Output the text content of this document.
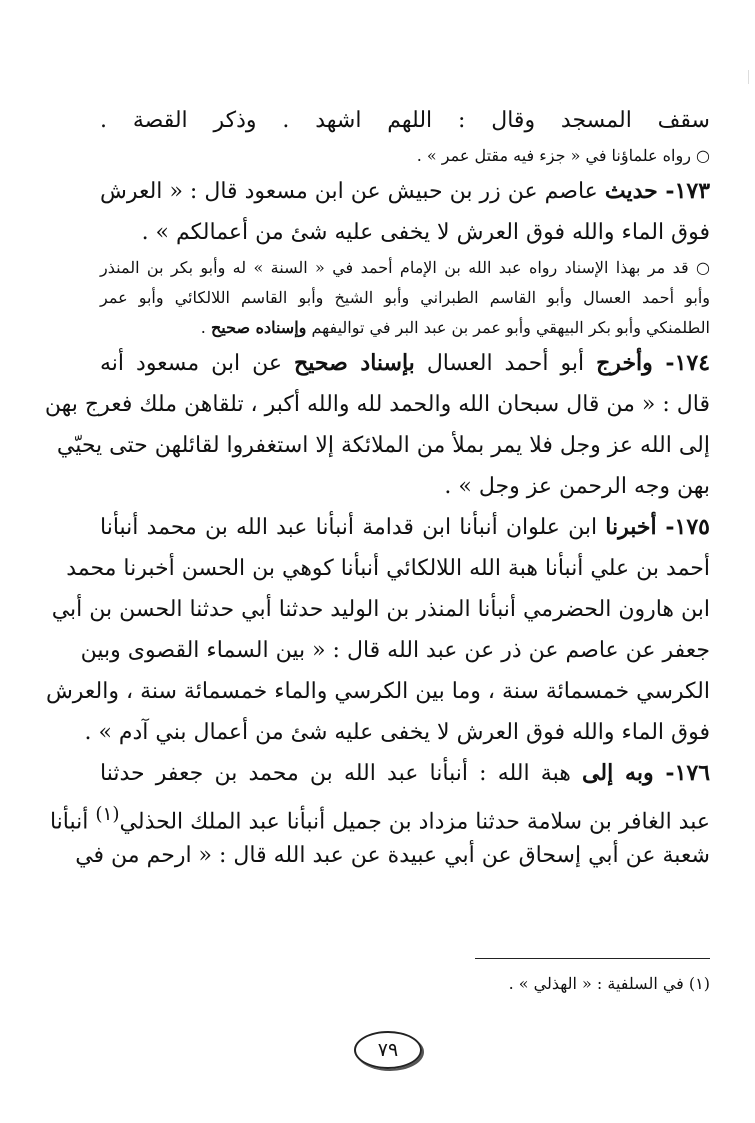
سقف المسجد وقال : اللهم اشهد . وذكر القصة .
○ رواه علماؤنا في « جزء فيه مقتل عمر » .
١٧٣- حديث عاصم عن زر بن حبيش عن ابن مسعود قال : « العرش
فوق الماء والله فوق العرش لا يخفى عليه شئ من أعمالكم » .
○ قد مر بهذا الإسناد رواه عبد الله بن الإمام أحمد في « السنة » له وأبو بكر بن المنذر
وأبو أحمد العسال وأبو القاسم الطبراني وأبو الشيخ وأبو القاسم اللالكائي وأبو عمر
الطلمنكي وأبو بكر البيهقي وأبو عمر بن عبد البر في تواليفهم وإسناده صحيح .
١٧٤- وأخرج أبو أحمد العسال بإسناد صحيح عن ابن مسعود أنه
قال : « من قال سبحان الله والحمد لله والله أكبر ، تلقاهن ملك فعرج بهن
إلى الله عز وجل فلا يمر بملأ من الملائكة إلا استغفروا لقائلهن حتى يحيّي
بهن وجه الرحمن عز وجل » .
١٧٥- أخبرنا ابن علوان أنبأنا ابن قدامة أنبأنا عبد الله بن محمد أنبأنا
أحمد بن علي أنبأنا هبة الله اللالكائي أنبأنا كوهي بن الحسن أخبرنا محمد
ابن هارون الحضرمي أنبأنا المنذر بن الوليد حدثنا أبي حدثنا الحسن بن أبي
جعفر عن عاصم عن ذر عن عبد الله قال : « بين السماء القصوى وبين
الكرسي خمسمائة سنة ، وما بين الكرسي والماء خمسمائة سنة ، والعرش
فوق الماء والله فوق العرش لا يخفى عليه شئ من أعمال بني آدم » .
١٧٦- وبه إلى هبة الله : أنبأنا عبد الله بن محمد بن جعفر حدثنا
عبد الغافر بن سلامة حدثنا مزداد بن جميل أنبأنا عبد الملك الحذلي$^{(١)}$ أنبأنا
شعبة عن أبي إسحاق عن أبي عبيدة عن عبد الله قال : « ارحم من في
(١) في السلفية : « الهذلي » .
٧٩
